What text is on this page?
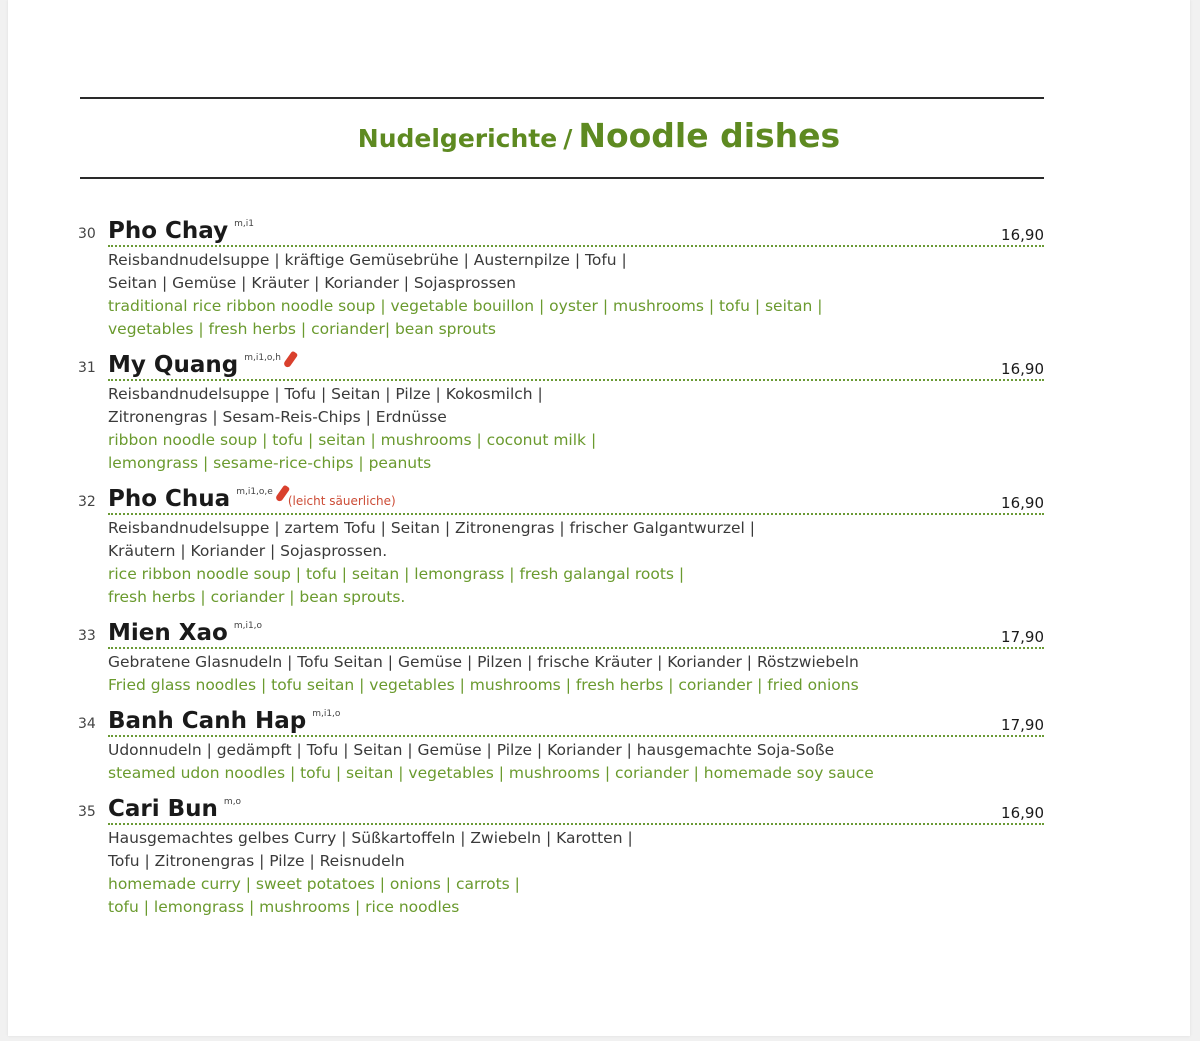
Nudelgerichte / Noodle dishes
30 Pho Chay $^{m,i1}$
16,90
Reisbandnudelsuppe | kräftige Gemüsebrühe | Austernpilze | Tofu |
Seitan | Gemüse | Kräuter | Koriander | Sojasprossen
traditional rice ribbon noodle soup | vegetable bouillon | oyster | mushrooms | tofu | seitan |
vegetables | fresh herbs | coriander| bean sprouts
31 My Quang $^{m,i1,o,h}$
16,90
Reisbandnudelsuppe | Tofu | Seitan | Pilze | Kokosmilch |
Zitronengras | Sesam-Reis-Chips | Erdnüsse
ribbon noodle soup | tofu | seitan | mushrooms | coconut milk |
lemongrass | sesame-rice-chips | peanuts
32 Pho Chua $^{m,i1,o,e}$(leicht säuerliche)	16,90
Reisbandnudelsuppe | zartem Tofu | Seitan | Zitronengras | frischer Galgantwurzel |
Kräutern | Koriander | Sojasprossen.
rice ribbon noodle soup | tofu | seitan | lemongrass | fresh galangal roots |
fresh herbs | coriander | bean sprouts.
33 Mien Xao $^{m,i1,o}$
17,90
Gebratene Glasnudeln | Tofu Seitan | Gemüse | Pilzen | frische Kräuter | Koriander | Röstzwiebeln
Fried glass noodles | tofu seitan | vegetables | mushrooms | fresh herbs | coriander | fried onions
34 Banh Canh Hap $^{m,i1,o}$
17,90
Udonnudeln | gedämpft | Tofu | Seitan | Gemüse | Pilze | Koriander | hausgemachte Soja-Soße
steamed udon noodles | tofu | seitan | vegetables | mushrooms | coriander | homemade soy sauce
35 Cari Bun $^{m,o}$
16,90
Hausgemachtes gelbes Curry | Süßkartoffeln | Zwiebeln | Karotten |
Tofu | Zitronengras | Pilze | Reisnudeln
homemade curry | sweet potatoes | onions | carrots |
tofu | lemongrass | mushrooms | rice noodles
